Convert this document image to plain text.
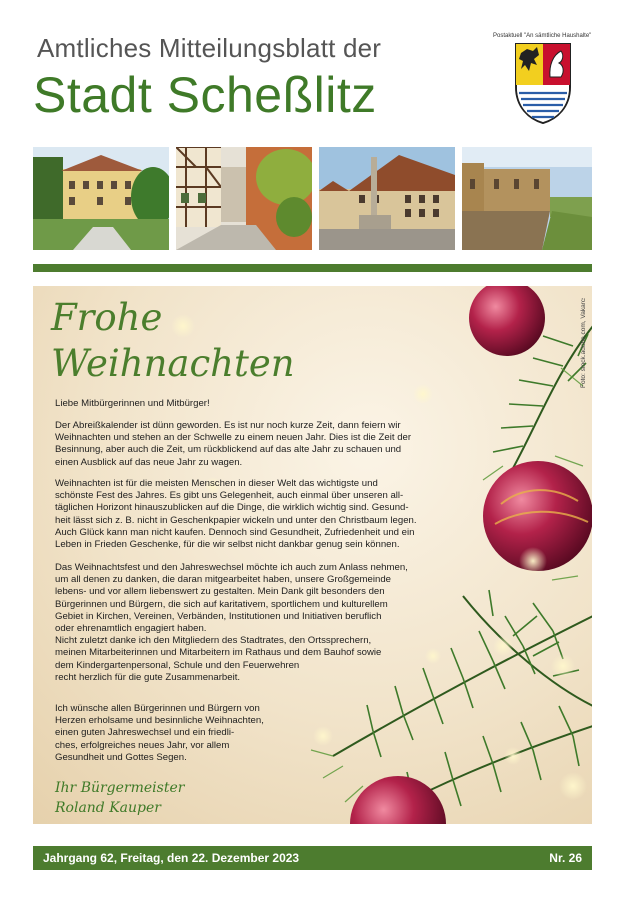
Amtliches Mitteilungsblatt der
Stadt Scheßlitz
Postaktuell "An sämtliche Haushalte"
Frohe
Weihnachten
Liebe Mitbürgerinnen und Mitbürger!
Der Abreißkalender ist dünn geworden. Es ist nur noch kurze Zeit, dann feiern wir
Weihnachten und stehen an der Schwelle zu einem neuen Jahr. Dies ist die Zeit der
Besinnung, aber auch die Zeit, um rückblickend auf das alte Jahr zu schauen und
einen Ausblick auf das neue Jahr zu wagen.
Weihnachten ist für die meisten Menschen in dieser Welt das wichtigste und
schönste Fest des Jahres. Es gibt uns Gelegenheit, auch einmal über unseren all-
täglichen Horizont hinauszublicken auf die Dinge, die wirklich wichtig sind. Gesund-
heit lässt sich z. B. nicht in Geschenkpapier wickeln und unter den Christbaum legen.
Auch Glück kann man nicht kaufen. Dennoch sind Gesundheit, Zufriedenheit und ein
Leben in Frieden Geschenke, für die wir selbst nicht dankbar genug sein können.
Das Weihnachtsfest und den Jahreswechsel möchte ich auch zum Anlass nehmen,
um all denen zu danken, die daran mitgearbeitet haben, unsere Großgemeinde
lebens- und vor allem liebenswert zu gestalten. Mein Dank gilt besonders den
Bürgerinnen und Bürgern, die sich auf karitativem, sportlichem und kulturellem
Gebiet in Kirchen, Vereinen, Verbänden, Institutionen und Initiativen beruflich
oder ehrenamtlich engagiert haben.
Nicht zuletzt danke ich den Mitgliedern des Stadtrates, den Ortssprechern,
meinen Mitarbeiterinnen und Mitarbeitern im Rathaus und dem Bauhof sowie
dem Kindergartenpersonal, Schule und den Feuerwehren
recht herzlich für die gute Zusammenarbeit.
Ich wünsche allen Bürgerinnen und Bürgern von
Herzen erholsame und besinnliche Weihnachten,
einen guten Jahreswechsel und ein friedli-
ches, erfolgreiches neues Jahr, vor allem
Gesundheit und Gottes Segen.
Ihr Bürgermeister
Roland Kauper
Foto: stock.adobe.com, Vakarcs
Jahrgang 62, Freitag, den 22. Dezember 2023	Nr. 26
